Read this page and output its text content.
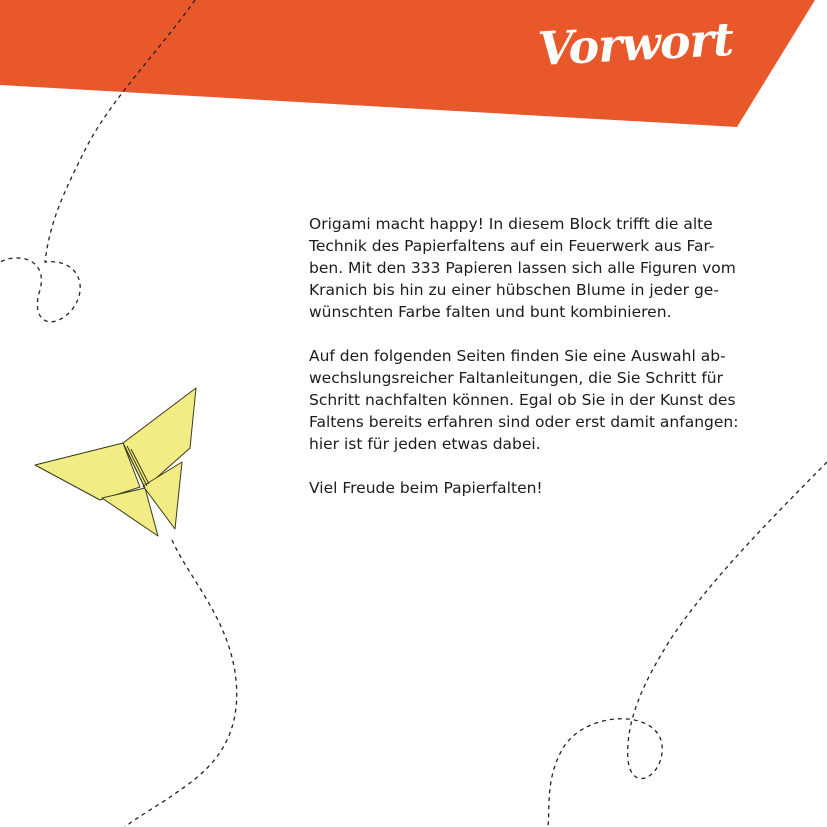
Vorwort

Origami macht happy! In diesem Block trifft die alte
Technik des Papierfaltens auf ein Feuerwerk aus Far-
ben. Mit den 333 Papieren lassen sich alle Figuren vom
Kranich bis hin zu einer hübschen Blume in jeder ge-
wünschten Farbe falten und bunt kombinieren.

Auf den folgenden Seiten finden Sie eine Auswahl ab-
wechslungsreicher Faltanleitungen, die Sie Schritt für
Schritt nachfalten können. Egal ob Sie in der Kunst des
Faltens bereits erfahren sind oder erst damit anfangen:
hier ist für jeden etwas dabei.

Viel Freude beim Papierfalten!
